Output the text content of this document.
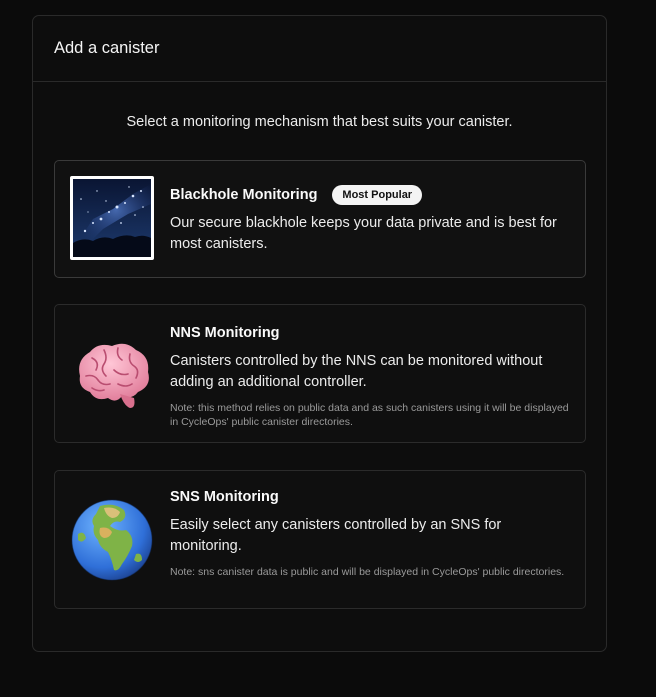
Add a canister
Select a monitoring mechanism that best suits your canister.
Blackhole Monitoring	Most Popular
Our secure blackhole keeps your data private and is best for most canisters.
NNS Monitoring
Canisters controlled by the NNS can be monitored without adding an additional controller.
Note: this method relies on public data and as such canisters using it will be displayed in CycleOps' public canister directories.
SNS Monitoring
Easily select any canisters controlled by an SNS for monitoring.
Note: sns canister data is public and will be displayed in CycleOps' public directories.
